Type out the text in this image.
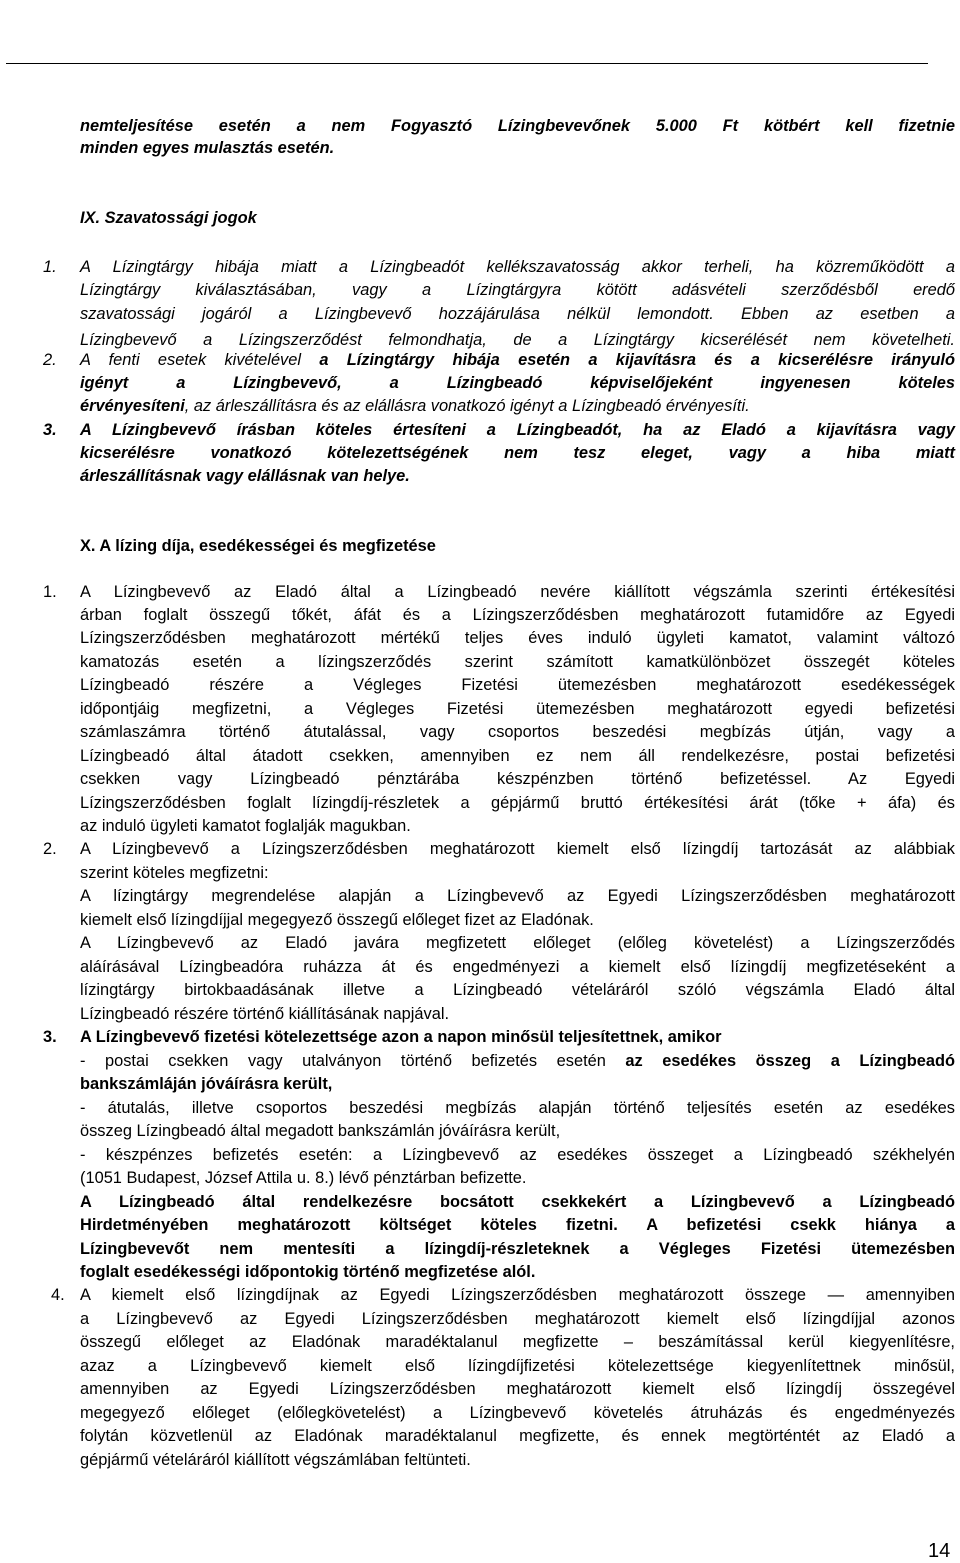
Gépjármű zártvégű pénzügyi lízing	2016. január 14.
Merkantil Bank Zrt.
nemteljesítése esetén a nem Fogyasztó Lízingbevevőnek 5.000 Ft kötbért kell fizetnie
minden egyes mulasztás esetén.
IX. Szavatossági jogok
1. A Lízingtárgy hibája miatt a Lízingbeadót kellékszavatosság akkor terheli, ha közreműködött a
Lízingtárgy kiválasztásában, vagy a Lízingtárgyra kötött adásvételi szerződésből eredő
szavatossági jogáról a Lízingbevevő hozzájárulása nélkül lemondott. Ebben az esetben a
Lízingbevevő a Lízingszerződést felmondhatja, de a Lízingtárgy kicserélését nem követelheti.
2. A fenti esetek kivételével a Lízingtárgy hibája esetén a kijavításra és a kicserélésre irányuló
igényt a Lízingbevevő, a Lízingbeadó képviselőjeként ingyenesen köteles
érvényesíteni, az árleszállításra és az elállásra vonatkozó igényt a Lízingbeadó érvényesíti.
3. A Lízingbevevő írásban köteles értesíteni a Lízingbeadót, ha az Eladó a kijavításra vagy
kicserélésre vonatkozó kötelezettségének nem tesz eleget, vagy a hiba miatt
árleszállításnak vagy elállásnak van helye.
X. A lízing díja, esedékességei és megfizetése
1. A Lízingbevevő az Eladó által a Lízingbeadó nevére kiállított végszámla szerinti értékesítési
árban foglalt összegű tőkét, áfát és a Lízingszerződésben meghatározott futamidőre az Egyedi
Lízingszerződésben meghatározott mértékű teljes éves induló ügyleti kamatot, valamint változó
kamatozás esetén a lízingszerződés szerint számított kamatkülönbözet összegét köteles
Lízingbeadó részére a Végleges Fizetési ütemezésben meghatározott esedékességek
időpontjáig megfizetni, a Végleges Fizetési ütemezésben meghatározott egyedi befizetési
számlaszámra történő átutalással, vagy csoportos beszedési megbízás útján, vagy a
Lízingbeadó által átadott csekken, amennyiben ez nem áll rendelkezésre, postai befizetési
csekken vagy Lízingbeadó pénztárába készpénzben történő befizetéssel. Az Egyedi
Lízingszerződésben foglalt lízingdíj-részletek a gépjármű bruttó értékesítési árát (tőke + áfa) és
az induló ügyleti kamatot foglalják magukban.
2. A Lízingbevevő a Lízingszerződésben meghatározott kiemelt első lízingdíj tartozását az alábbiak
szerint köteles megfizetni:
A lízingtárgy megrendelése alapján a Lízingbevevő az Egyedi Lízingszerződésben meghatározott
kiemelt első lízingdíjjal megegyező összegű előleget fizet az Eladónak.
A Lízingbevevő az Eladó javára megfizetett előleget (előleg követelést) a Lízingszerződés
aláírásával Lízingbeadóra ruházza át és engedményezi a kiemelt első lízingdíj megfizetéseként a
lízingtárgy birtokbaadásának illetve a Lízingbeadó vételáráról szóló végszámla Eladó által
Lízingbeadó részére történő kiállításának napjával.
3. A Lízingbevevő fizetési kötelezettsége azon a napon minősül teljesítettnek, amikor
- postai csekken vagy utalványon történő befizetés esetén az esedékes összeg a Lízingbeadó
bankszámláján jóváírásra került,
- átutalás, illetve csoportos beszedési megbízás alapján történő teljesítés esetén az esedékes
összeg Lízingbeadó által megadott bankszámlán jóváírásra került,
- készpénzes befizetés esetén: a Lízingbevevő az esedékes összeget a Lízingbeadó székhelyén
(1051 Budapest, József Attila u. 8.) lévő pénztárban befizette.
A Lízingbeadó által rendelkezésre bocsátott csekkekért a Lízingbevevő a Lízingbeadó
Hirdetményében meghatározott költséget köteles fizetni. A befizetési csekk hiánya a
Lízingbevevőt nem mentesíti a lízingdíj-részleteknek a Végleges Fizetési ütemezésben
foglalt esedékességi időpontokig történő megfizetése alól.
4. A kiemelt első lízingdíjnak az Egyedi Lízingszerződésben meghatározott összege — amennyiben
a Lízingbevevő az Egyedi Lízingszerződésben meghatározott kiemelt első lízingdíjjal azonos
összegű előleget az Eladónak maradéktalanul megfizette – beszámítással kerül kiegyenlítésre,
azaz a Lízingbevevő kiemelt első lízingdíjfizetési kötelezettsége kiegyenlítettnek minősül,
amennyiben az Egyedi Lízingszerződésben meghatározott kiemelt első lízingdíj összegével
megegyező előleget (előlegkövetelést) a Lízingbevevő követelés átruházás és engedményezés
folytán közvetlenül az Eladónak maradéktalanul megfizette, és ennek megtörténtét az Eladó a
gépjármű vételáráról kiállított végszámlában feltünteti.
14
